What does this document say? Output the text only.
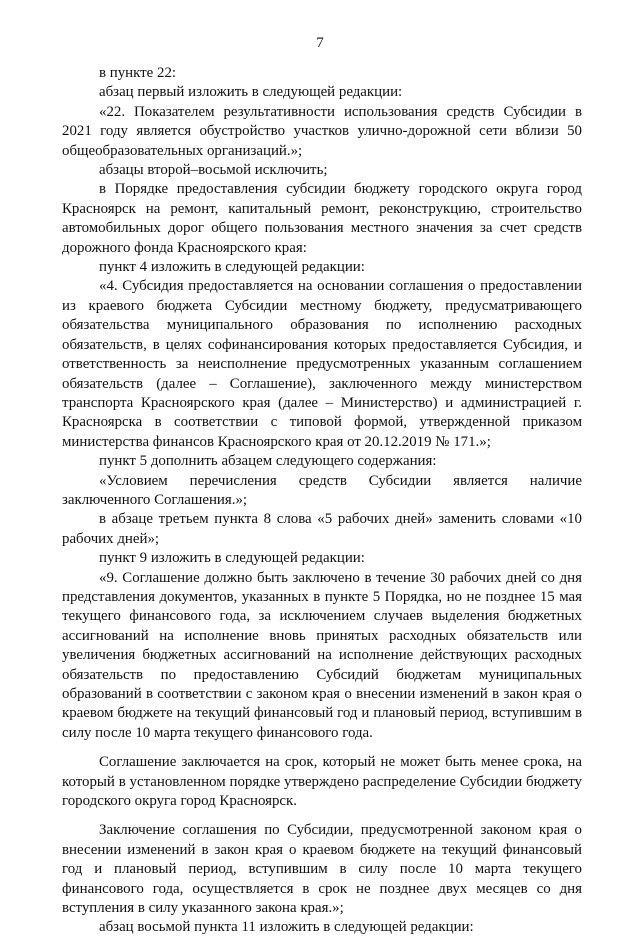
7

в пункте 22:

абзац первый изложить в следующей редакции:

«22. Показателем результативности использования средств Субсидии в 2021 году является обустройство участков улично-дорожной сети вблизи 50 общеобразовательных организаций.»;

абзацы второй–восьмой исключить;

в Порядке предоставления субсидии бюджету городского округа город Красноярск на ремонт, капитальный ремонт, реконструкцию, строительство автомобильных дорог общего пользования местного значения за счет средств дорожного фонда Красноярского края:

пункт 4 изложить в следующей редакции:

«4. Субсидия предоставляется на основании соглашения о предоставлении из краевого бюджета Субсидии местному бюджету, предусматривающего обязательства муниципального образования по исполнению расходных обязательств, в целях софинансирования которых предоставляется Субсидия, и ответственность за неисполнение предусмотренных указанным соглашением обязательств (далее – Соглашение), заключенного между министерством транспорта Красноярского края (далее – Министерство) и администрацией г. Красноярска в соответствии с типовой формой, утвержденной приказом министерства финансов Красноярского края от 20.12.2019 № 171.»;

пункт 5 дополнить абзацем следующего содержания:

«Условием перечисления средств Субсидии является наличие заключенного Соглашения.»;

в абзаце третьем пункта 8 слова «5 рабочих дней» заменить словами «10 рабочих дней»;

пункт 9 изложить в следующей редакции:

«9. Соглашение должно быть заключено в течение 30 рабочих дней со дня представления документов, указанных в пункте 5 Порядка, но не позднее 15 мая текущего финансового года, за исключением случаев выделения бюджетных ассигнований на исполнение вновь принятых расходных обязательств или увеличения бюджетных ассигнований на исполнение действующих расходных обязательств по предоставлению Субсидий бюджетам муниципальных образований в соответствии с законом края о внесении изменений в закон края о краевом бюджете на текущий финансовый год и плановый период, вступившим в силу после 10 марта текущего финансового года.

Соглашение заключается на срок, который не может быть менее срока, на который в установленном порядке утверждено распределение Субсидии бюджету городского округа город Красноярск.

Заключение соглашения по Субсидии, предусмотренной законом края о внесении изменений в закон края о краевом бюджете на текущий финансовый год и плановый период, вступившим в силу после 10 марта текущего финансового года, осуществляется в срок не позднее двух месяцев со дня вступления в силу указанного закона края.»;

абзац восьмой пункта 11 изложить в следующей редакции:
